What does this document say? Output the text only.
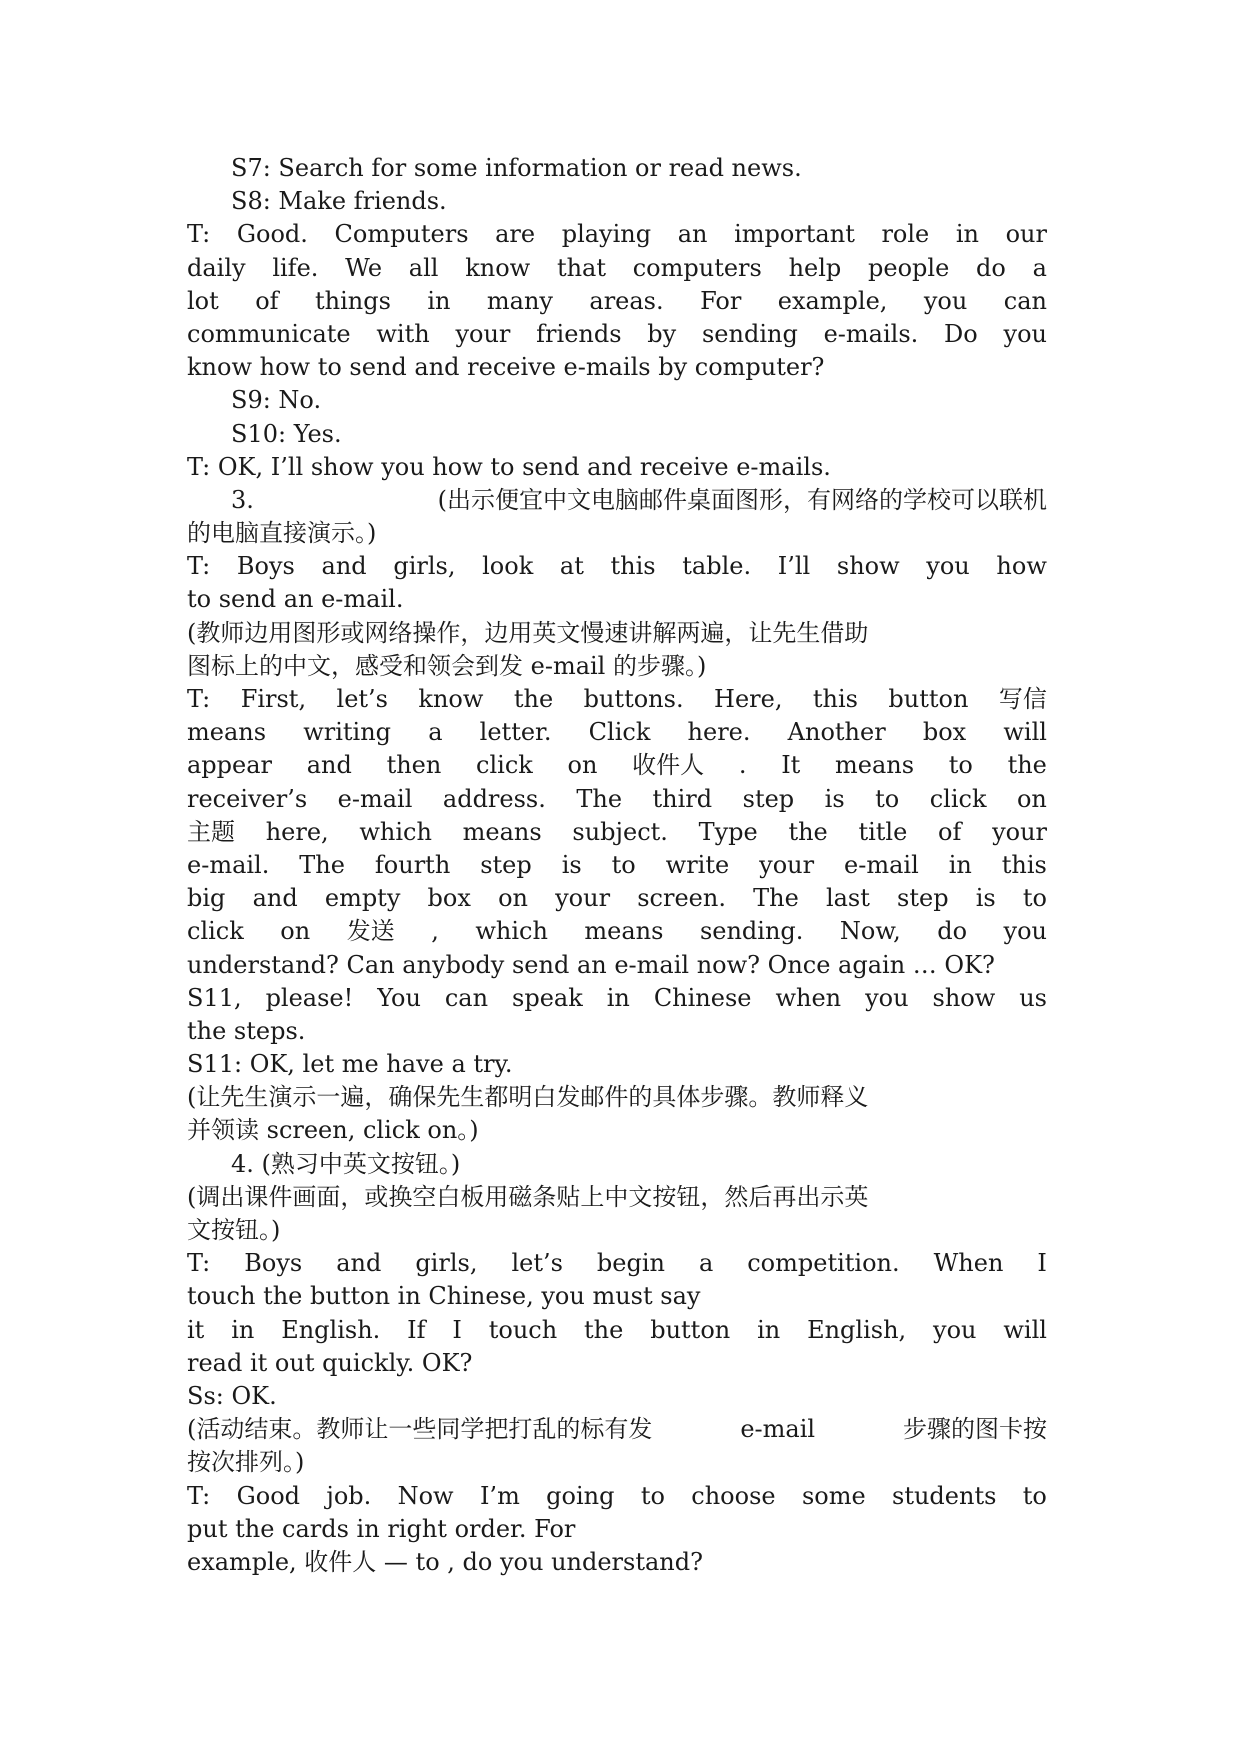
S7: Search for some information or read news.
S8: Make friends.
T: Good. Computers are playing an important role in our
daily life. We all know that computers help people do a
lot of things in many areas. For example, you can
communicate with your friends by sending e-mails. Do you
know how to send and receive e-mails by computer?
S9: No.
S10: Yes.
T: OK, I’ll show you how to send and receive e-mails.
3.	(出示便宜中文电脑邮件桌面图形，有网络的学校可以联机
的电脑直接演示。)
T: Boys and girls, look at this table. I’ll show you how
to send an e-mail.
(教师边用图形或网络操作，边用英文慢速讲解两遍，让先生借助
图标上的中文，感受和领会到发 e-mail 的步骤。)
T: First, let’s know the buttons. Here, this button 写信
means writing a letter. Click here. Another box will
appear and then click on 收件人 . It means to the
receiver’s e-mail address. The third step is to click on
主题 here, which means subject. Type the title of your
e-mail. The fourth step is to write your e-mail in this
big and empty box on your screen. The last step is to
click on 发送 , which means sending. Now, do you
understand? Can anybody send an e-mail now? Once again … OK?
S11, please! You can speak in Chinese when you show us
the steps.
S11: OK, let me have a try.
(让先生演示一遍，确保先生都明白发邮件的具体步骤。教师释义
并领读 screen, click on。)
4. (熟习中英文按钮。)
(调出课件画面，或换空白板用磁条贴上中文按钮，然后再出示英
文按钮。)
T: Boys and girls, let’s begin a competition. When I
touch the button in Chinese, you must say
it in English. If I touch the button in English, you will
read it out quickly. OK?
Ss: OK.
(活动结束。教师让一些同学把打乱的标有发	e-mail	步骤的图卡按
按次排列。)
T: Good job. Now I’m going to choose some students to
put the cards in right order. For
example, 收件人 — to , do you understand?
